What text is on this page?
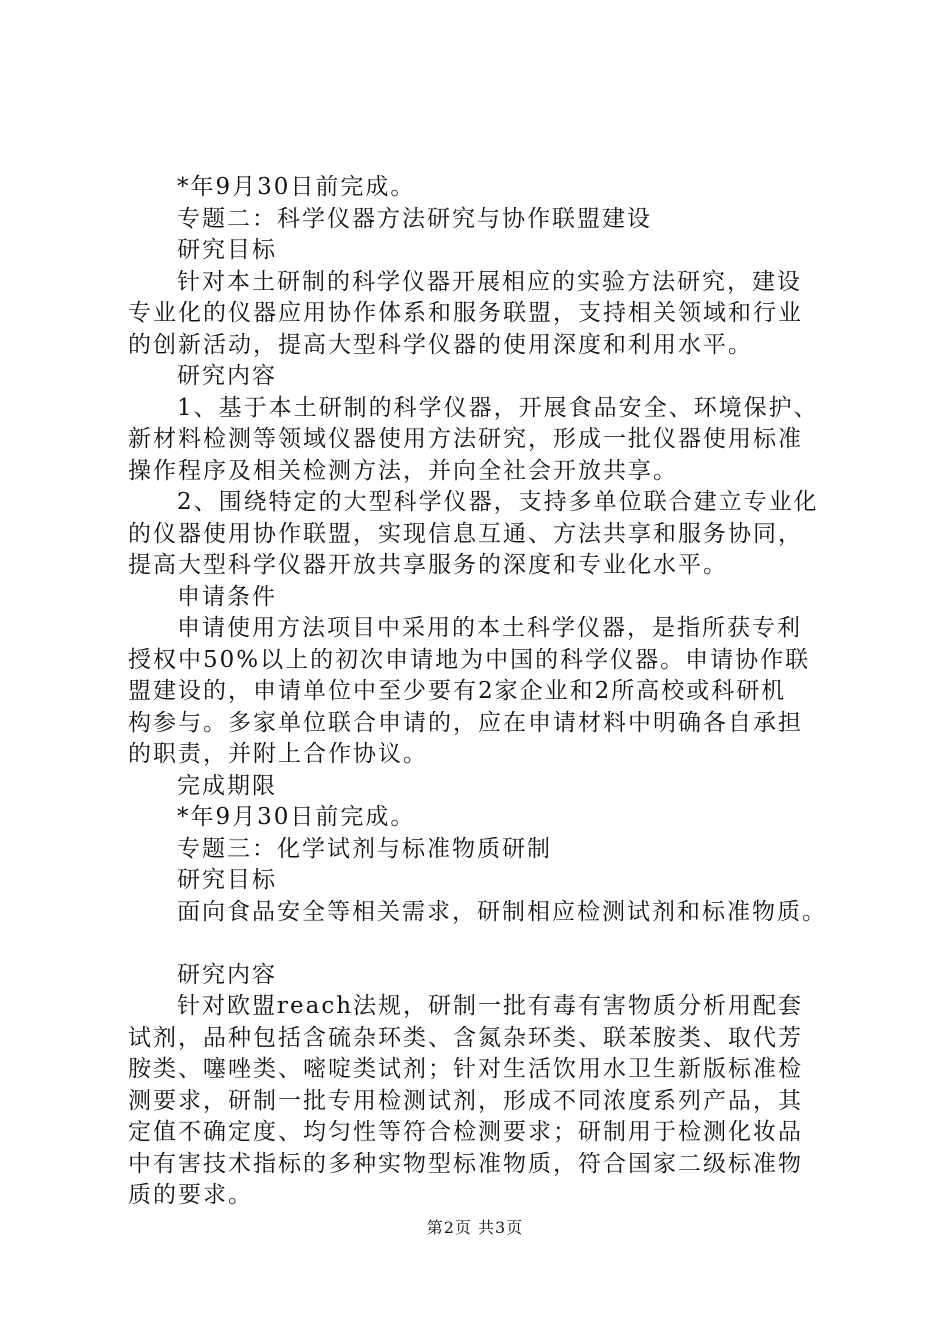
*年9月30日前完成。
专题二：科学仪器方法研究与协作联盟建设
研究目标
针对本土研制的科学仪器开展相应的实验方法研究，建设
专业化的仪器应用协作体系和服务联盟，支持相关领域和行业
的创新活动，提高大型科学仪器的使用深度和利用水平。
研究内容
1、基于本土研制的科学仪器，开展食品安全、环境保护、
新材料检测等领域仪器使用方法研究，形成一批仪器使用标准
操作程序及相关检测方法，并向全社会开放共享。
2、围绕特定的大型科学仪器，支持多单位联合建立专业化
的仪器使用协作联盟，实现信息互通、方法共享和服务协同，
提高大型科学仪器开放共享服务的深度和专业化水平。
申请条件
申请使用方法项目中采用的本土科学仪器，是指所获专利
授权中50%以上的初次申请地为中国的科学仪器。申请协作联
盟建设的，申请单位中至少要有2家企业和2所高校或科研机
构参与。多家单位联合申请的，应在申请材料中明确各自承担
的职责，并附上合作协议。
完成期限
*年9月30日前完成。
专题三：化学试剂与标准物质研制
研究目标
面向食品安全等相关需求，研制相应检测试剂和标准物质。
研究内容
针对欧盟reach法规，研制一批有毒有害物质分析用配套
试剂，品种包括含硫杂环类、含氮杂环类、联苯胺类、取代芳
胺类、噻唑类、嘧啶类试剂；针对生活饮用水卫生新版标准检
测要求，研制一批专用检测试剂，形成不同浓度系列产品，其
定值不确定度、均匀性等符合检测要求；研制用于检测化妆品
中有害技术指标的多种实物型标准物质，符合国家二级标准物
质的要求。
第2页 共3页
